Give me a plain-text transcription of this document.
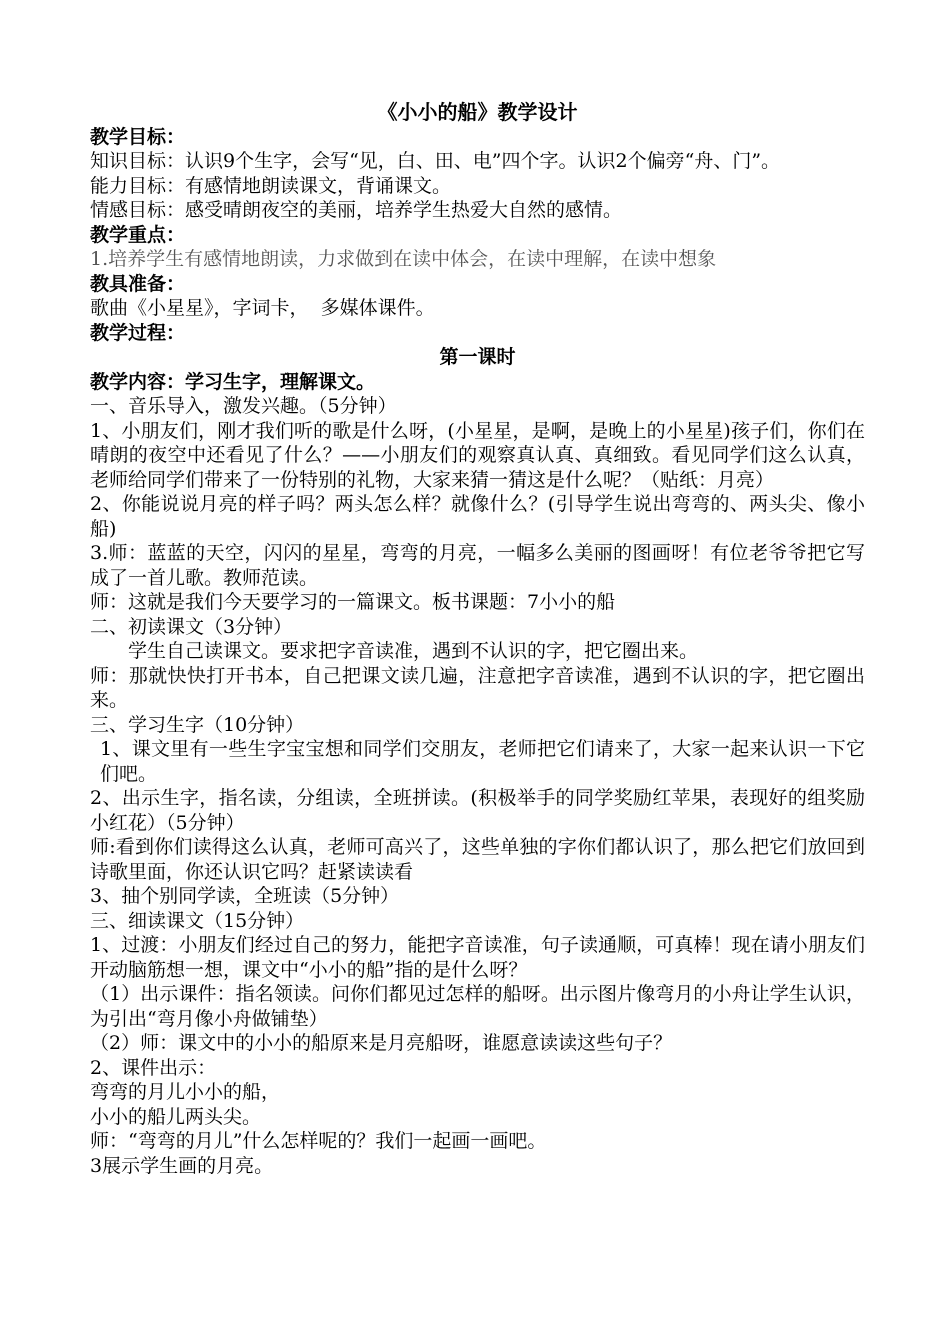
《小小的船》教学设计

教学目标：

知识目标：认识9个生字，会写“见，白、田、电”四个字。认识2个偏旁“舟、门”。

能力目标：有感情地朗读课文，背诵课文。

情感目标：感受晴朗夜空的美丽，培养学生热爱大自然的感情。

教学重点：

1.培养学生有感情地朗读，力求做到在读中体会，在读中理解，在读中想象

教具准备：

歌曲《小星星》，字词卡，  多媒体课件。

教学过程：

第一课时

教学内容：学习生字，理解课文。

一、音乐导入，激发兴趣。（5分钟）

1、小朋友们，刚才我们听的歌是什么呀，(小星星，是啊，是晚上的小星星)孩子们，你们在晴朗的夜空中还看见了什么？——小朋友们的观察真认真、真细致。看见同学们这么认真，老师给同学们带来了一份特别的礼物，大家来猜一猜这是什么呢？（贴纸：月亮）

2、你能说说月亮的样子吗？两头怎么样？就像什么？(引导学生说出弯弯的、两头尖、像小船)

3.师：蓝蓝的天空，闪闪的星星，弯弯的月亮，一幅多么美丽的图画呀！有位老爷爷把它写成了一首儿歌。教师范读。

师：这就是我们今天要学习的一篇课文。板书课题：7小小的船

二、初读课文（3分钟）

学生自己读课文。要求把字音读准，遇到不认识的字，把它圈出来。

师：那就快快打开书本，自己把课文读几遍，注意把字音读准，遇到不认识的字，把它圈出来。

三、学习生字（10分钟）

1、课文里有一些生字宝宝想和同学们交朋友，老师把它们请来了，大家一起来认识一下它们吧。

2、出示生字，指名读，分组读，全班拼读。(积极举手的同学奖励红苹果，表现好的组奖励小红花）（5分钟）

师:看到你们读得这么认真，老师可高兴了，这些单独的字你们都认识了，那么把它们放回到诗歌里面，你还认识它吗？赶紧读读看

3、抽个别同学读，全班读（5分钟）

三、细读课文（15分钟）

1、过渡：小朋友们经过自己的努力，能把字音读准，句子读通顺，可真棒！现在请小朋友们开动脑筋想一想，课文中“小小的船”指的是什么呀？

（1）出示课件：指名领读。问你们都见过怎样的船呀。出示图片像弯月的小舟让学生认识，为引出“弯月像小舟做铺垫）

（2）师：课文中的小小的船原来是月亮船呀，谁愿意读读这些句子？

2、课件出示：

弯弯的月儿小小的船，

小小的船儿两头尖。

师：“弯弯的月儿”什么怎样呢的？我们一起画一画吧。

3展示学生画的月亮。
